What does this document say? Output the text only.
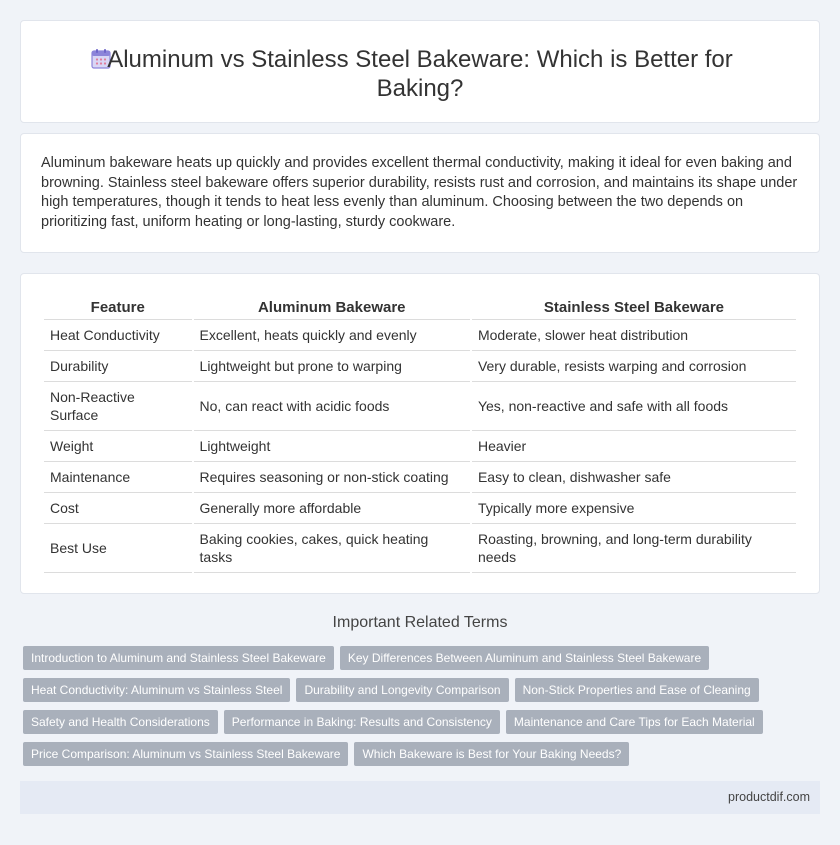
Aluminum vs Stainless Steel Bakeware: Which is Better for Baking?

Aluminum bakeware heats up quickly and provides excellent thermal conductivity, making it ideal for even baking and browning. Stainless steel bakeware offers superior durability, resists rust and corrosion, and maintains its shape under high temperatures, though it tends to heat less evenly than aluminum. Choosing between the two depends on prioritizing fast, uniform heating or long-lasting, sturdy cookware.

Feature	Aluminum Bakeware	Stainless Steel Bakeware
Heat Conductivity	Excellent, heats quickly and evenly	Moderate, slower heat distribution
Durability	Lightweight but prone to warping	Very durable, resists warping and corrosion
Non-Reactive Surface	No, can react with acidic foods	Yes, non-reactive and safe with all foods
Weight	Lightweight	Heavier
Maintenance	Requires seasoning or non-stick coating	Easy to clean, dishwasher safe
Cost	Generally more affordable	Typically more expensive
Best Use	Baking cookies, cakes, quick heating tasks	Roasting, browning, and long-term durability needs
Important Related Terms
Introduction to Aluminum and Stainless Steel Bakeware Key Differences Between Aluminum and Stainless Steel Bakeware
Heat Conductivity: Aluminum vs Stainless Steel Durability and Longevity Comparison Non-Stick Properties and Ease of Cleaning
Safety and Health Considerations Performance in Baking: Results and Consistency Maintenance and Care Tips for Each Material
Price Comparison: Aluminum vs Stainless Steel Bakeware Which Bakeware is Best for Your Baking Needs?
productdif.com
